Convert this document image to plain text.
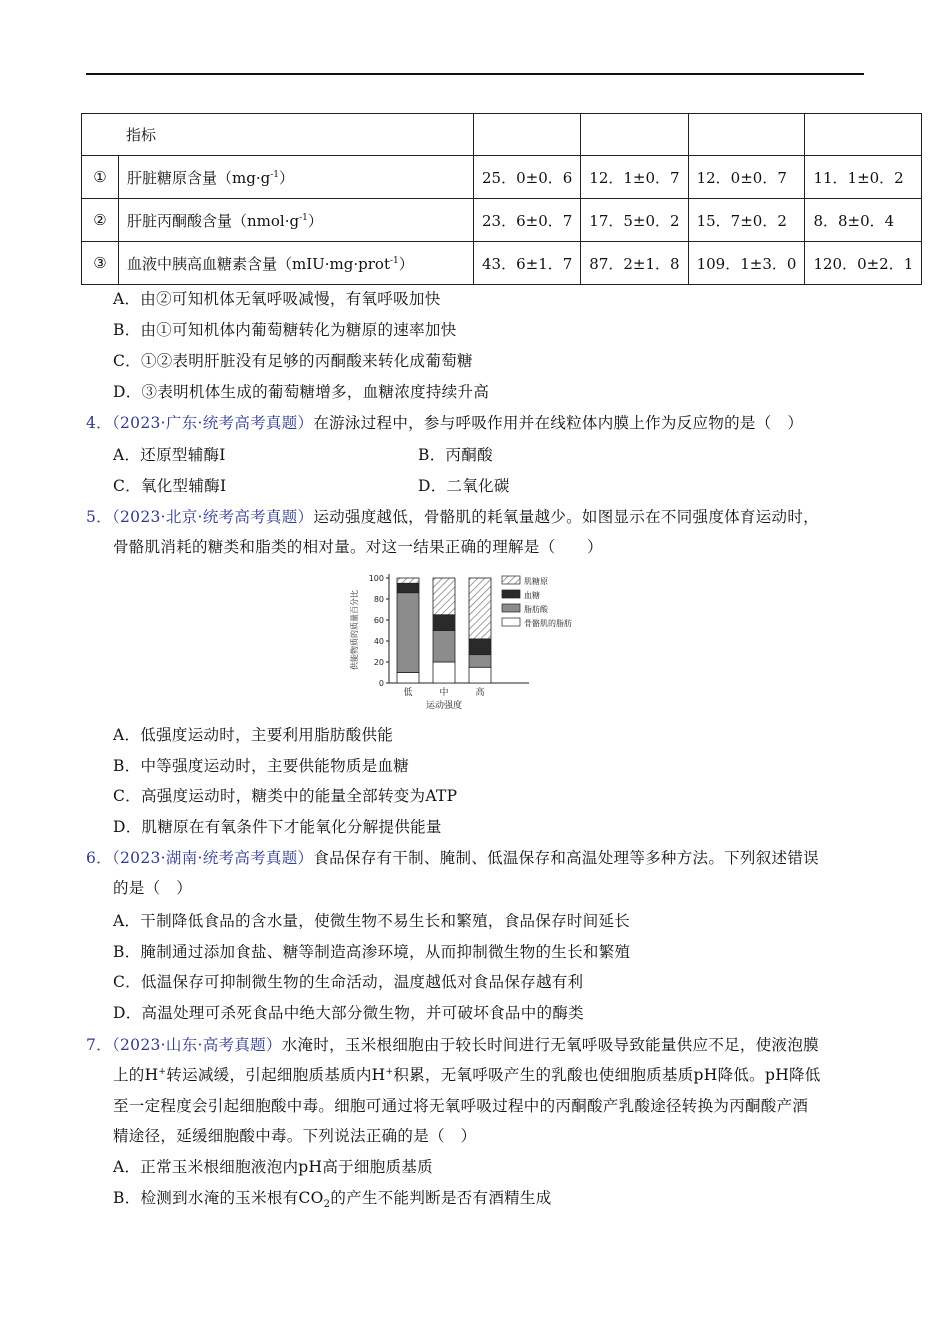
指标					
①	肝脏糖原含量$(mg\cdot g^{-1})$	25．0±0．6	12．1±0．7	12．0±0．7	11．1±0．2
②	肝脏丙酮酸含量$(nmol\cdot g^{-1})$	23．6±0．7	17．5±0．2	15．7±0．2	8．8±0．4
③	血液中胰高血糖素含量（mIU·mg·prot$^{-1}$）	43．6±1．7	87．2±1．8	109．1±3．0	120．0±2．1
A．由②可知机体无氧呼吸减慢，有氧呼吸加快
B．由①可知机体内葡萄糖转化为糖原的速率加快
C．①②表明肝脏没有足够的丙酮酸来转化成葡萄糖
D．③表明机体生成的葡萄糖增多，血糖浓度持续升高
4．（2023·广东·统考高考真题）在游泳过程中，参与呼吸作用并在线粒体内膜上作为反应物的是（　）
A．还原型辅酶Ⅰ	B．丙酮酸
C．氧化型辅酶Ⅰ	D．二氧化碳
5．（2023·北京·统考高考真题）运动强度越低，骨骼肌的耗氧量越少。如图显示在不同强度体育运动时，
骨骼肌消耗的糖类和脂类的相对量。对这一结果正确的理解是（　　）
供能物质的质量百分比
0
20
40
60
80
100
低	中	高
肌糖原
血糖
脂肪酸
骨骼肌的脂肪
运动强度
A．低强度运动时，主要利用脂肪酸供能
B．中等强度运动时，主要供能物质是血糖
C．高强度运动时，糖类中的能量全部转变为ATP
D．肌糖原在有氧条件下才能氧化分解提供能量
6．（2023·湖南·统考高考真题）食品保存有干制、腌制、低温保存和高温处理等多种方法。下列叙述错误
的是（　）
A．干制降低食品的含水量，使微生物不易生长和繁殖，食品保存时间延长
B．腌制通过添加食盐、糖等制造高渗环境，从而抑制微生物的生长和繁殖
C．低温保存可抑制微生物的生命活动，温度越低对食品保存越有利
D．高温处理可杀死食品中绝大部分微生物，并可破坏食品中的酶类
7．（2023·山东·高考真题）水淹时，玉米根细胞由于较长时间进行无氧呼吸导致能量供应不足，使液泡膜
上的H+转运减缓，引起细胞质基质内H+积累，无氧呼吸产生的乳酸也使细胞质基质pH降低。pH降低
至一定程度会引起细胞酸中毒。细胞可通过将无氧呼吸过程中的丙酮酸产乳酸途径转换为丙酮酸产酒
精途径，延缓细胞酸中毒。下列说法正确的是（　）
A．正常玉米根细胞液泡内pH高于细胞质基质
B．检测到水淹的玉米根有$CO_2$的产生不能判断是否有酒精生成
